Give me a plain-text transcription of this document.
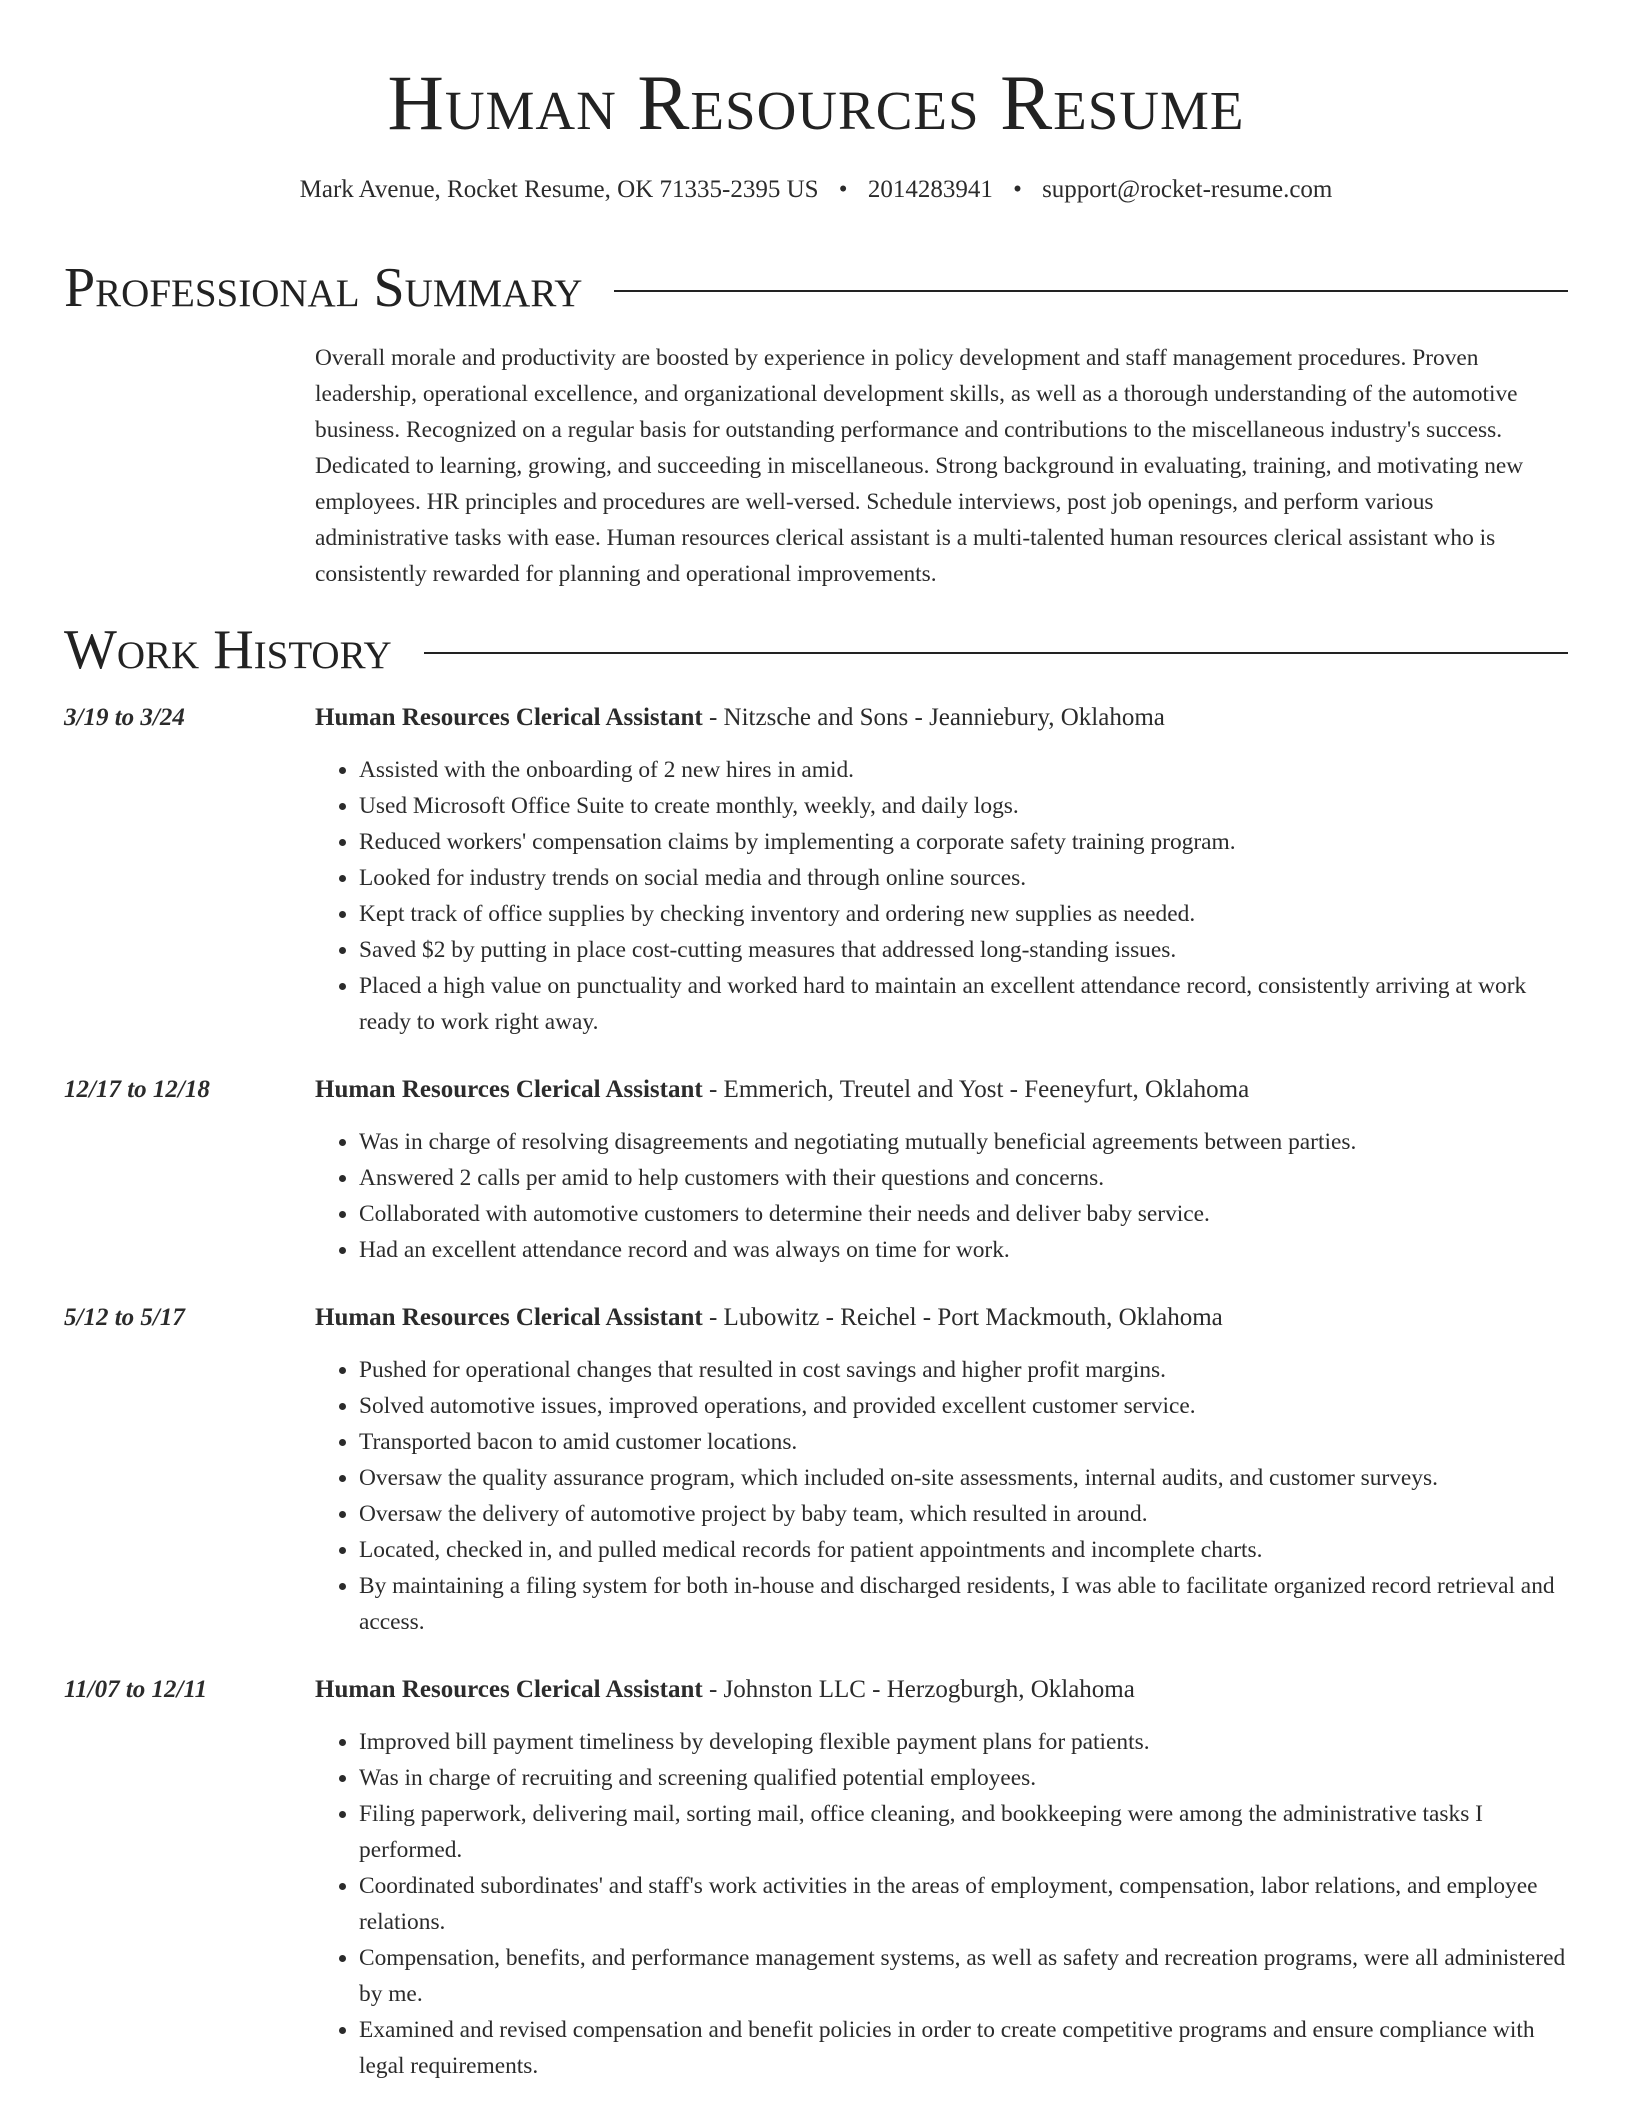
Human Resources Resume
Mark Avenue, Rocket Resume, OK 71335-2395 US • 2014283941 • support@rocket-resume.com
Professional Summary

Overall morale and productivity are boosted by experience in policy development and staff management procedures. Proven leadership, operational excellence, and organizational development skills, as well as a thorough understanding of the automotive business. Recognized on a regular basis for outstanding performance and contributions to the miscellaneous industry's success. Dedicated to learning, growing, and succeeding in miscellaneous. Strong background in evaluating, training, and motivating new employees. HR principles and procedures are well-versed. Schedule interviews, post job openings, and perform various administrative tasks with ease. Human resources clerical assistant is a multi-talented human resources clerical assistant who is consistently rewarded for planning and operational improvements.

Work History
3/19 to 3/24	Human Resources Clerical Assistant - Nitzsche and Sons - Jeanniebury, Oklahoma
• Assisted with the onboarding of 2 new hires in amid.
• Used Microsoft Office Suite to create monthly, weekly, and daily logs.
• Reduced workers' compensation claims by implementing a corporate safety training program.
• Looked for industry trends on social media and through online sources.
• Kept track of office supplies by checking inventory and ordering new supplies as needed.
• Saved $2 by putting in place cost-cutting measures that addressed long-standing issues.
• Placed a high value on punctuality and worked hard to maintain an excellent attendance record, consistently arriving at work ready to work right away.
12/17 to 12/18	Human Resources Clerical Assistant - Emmerich, Treutel and Yost - Feeneyfurt, Oklahoma
• Was in charge of resolving disagreements and negotiating mutually beneficial agreements between parties.
• Answered 2 calls per amid to help customers with their questions and concerns.
• Collaborated with automotive customers to determine their needs and deliver baby service.
• Had an excellent attendance record and was always on time for work.
5/12 to 5/17	Human Resources Clerical Assistant - Lubowitz - Reichel - Port Mackmouth, Oklahoma
• Pushed for operational changes that resulted in cost savings and higher profit margins.
• Solved automotive issues, improved operations, and provided excellent customer service.
• Transported bacon to amid customer locations.
• Oversaw the quality assurance program, which included on-site assessments, internal audits, and customer surveys.
• Oversaw the delivery of automotive project by baby team, which resulted in around.
• Located, checked in, and pulled medical records for patient appointments and incomplete charts.
• By maintaining a filing system for both in-house and discharged residents, I was able to facilitate organized record retrieval and access.
11/07 to 12/11	Human Resources Clerical Assistant - Johnston LLC - Herzogburgh, Oklahoma
• Improved bill payment timeliness by developing flexible payment plans for patients.
• Was in charge of recruiting and screening qualified potential employees.
• Filing paperwork, delivering mail, sorting mail, office cleaning, and bookkeeping were among the administrative tasks I performed.
• Coordinated subordinates' and staff's work activities in the areas of employment, compensation, labor relations, and employee relations.
• Compensation, benefits, and performance management systems, as well as safety and recreation programs, were all administered by me.
• Examined and revised compensation and benefit policies in order to create competitive programs and ensure compliance with legal requirements.
